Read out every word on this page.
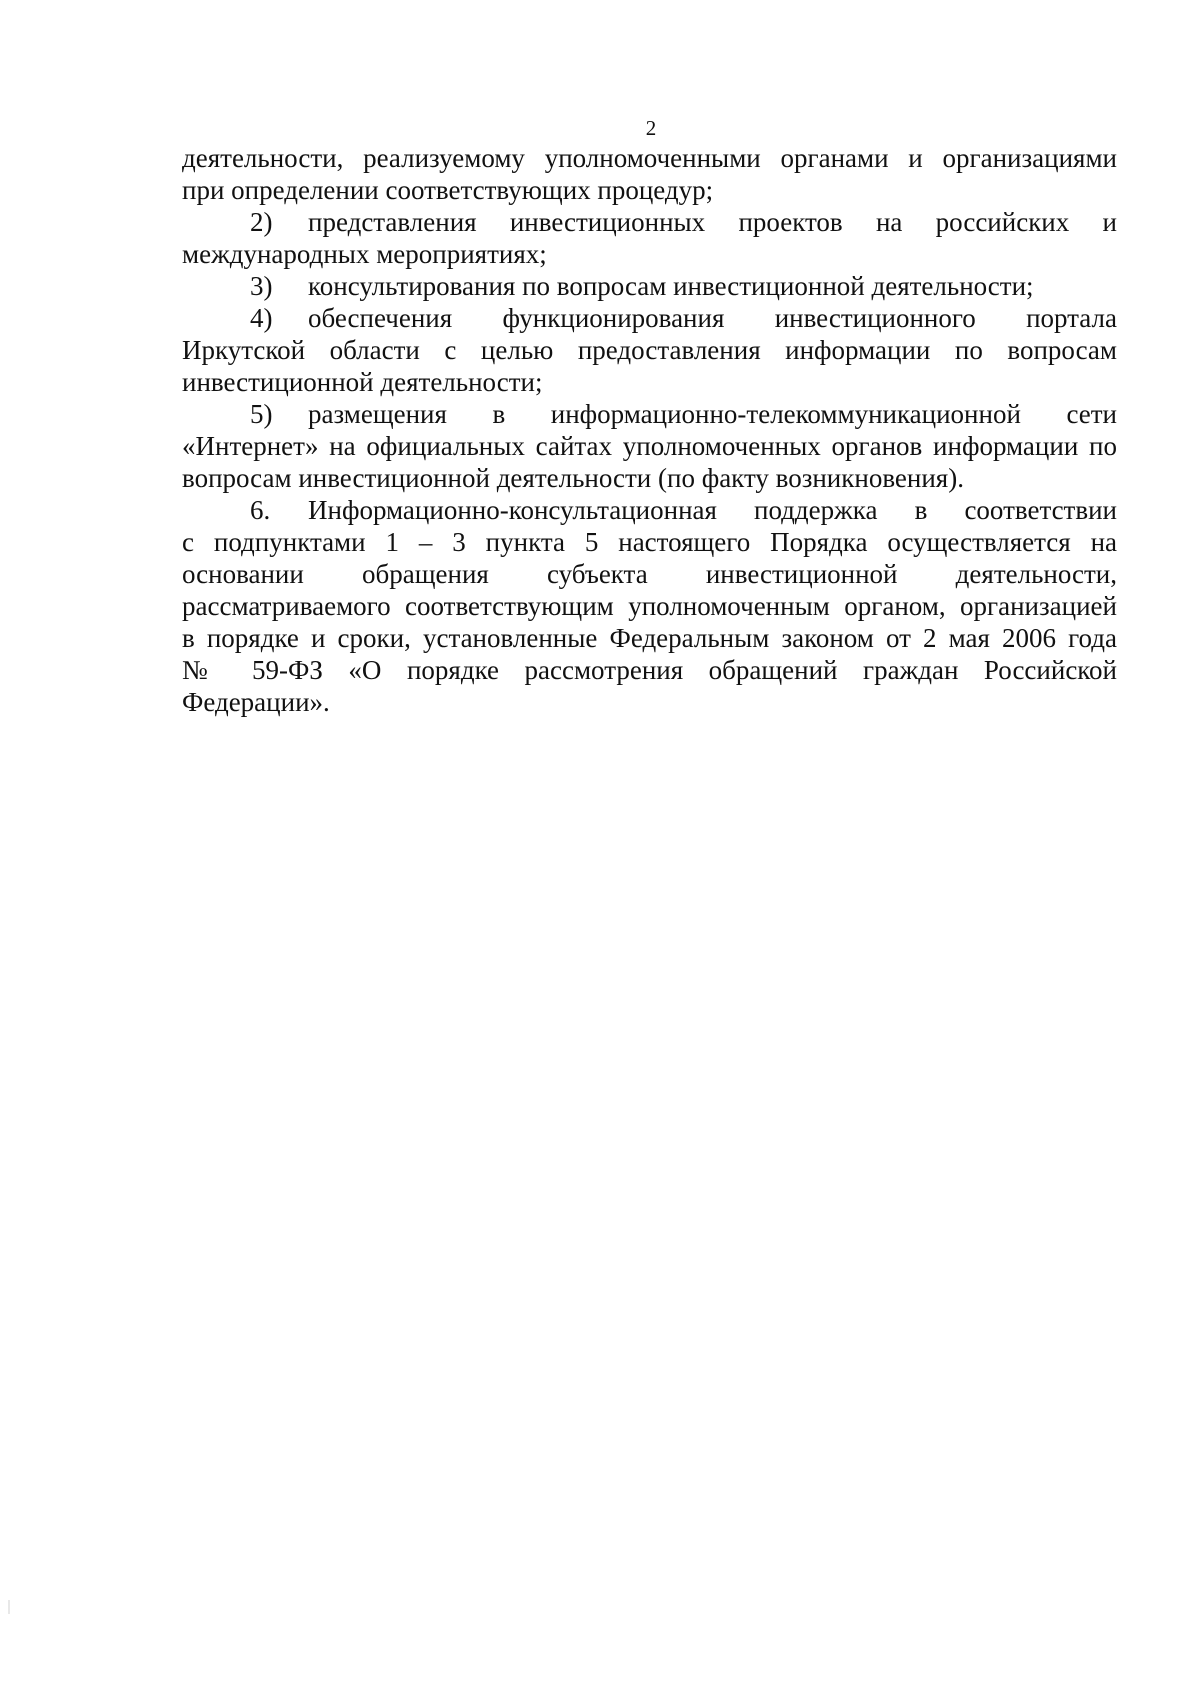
2
деятельности, реализуемому уполномоченными органами и организациями
при определении соответствующих процедур;
2)	представления инвестиционных проектов на российских и
международных мероприятиях;
3)	консультирования по вопросам инвестиционной деятельности;
4)	обеспечения функционирования инвестиционного портала
Иркутской области с целью предоставления информации по вопросам
инвестиционной деятельности;
5)	размещения в информационно-телекоммуникационной сети
«Интернет» на официальных сайтах уполномоченных органов информации по
вопросам инвестиционной деятельности (по факту возникновения).
6.	Информационно-консультационная поддержка в соответствии
с подпунктами 1 – 3 пункта 5 настоящего Порядка осуществляется на
основании обращения субъекта инвестиционной деятельности,
рассматриваемого соответствующим уполномоченным органом, организацией
в порядке и сроки, установленные Федеральным законом от 2 мая 2006 года
№ 59-ФЗ «О порядке рассмотрения обращений граждан Российской
Федерации».
